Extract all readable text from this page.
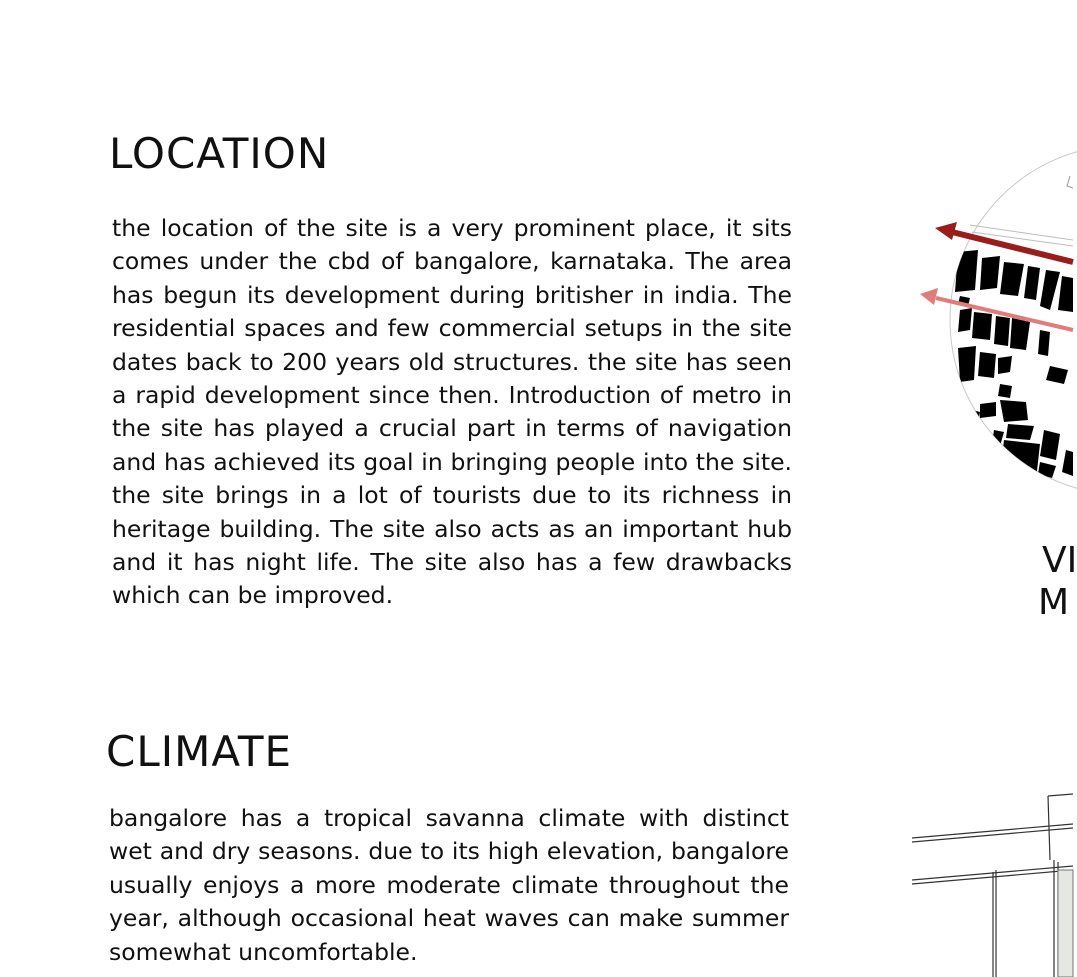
LOCATION

the location of the site is a very prominent place, it sits comes under the cbd of bangalore, karnataka. The area has begun its development during britisher in india. The residential spaces and few commercial setups in the site dates back to 200 years old structures. the site has seen a rapid development since then. Introduction of metro in the site has played a crucial part in terms of navigation and has achieved its goal in bringing people into the site. the site brings in a lot of tourists due to its richness in heritage building. The site also acts as an important hub and it has night life. The site also has a few drawbacks which can be improved.

CLIMATE

bangalore has a tropical savanna climate with distinct wet and dry seasons. due to its high elevation, bangalore usually enjoys a more moderate climate throughout the year, although occasional heat waves can make summer somewhat uncomfortable.

VI
M
